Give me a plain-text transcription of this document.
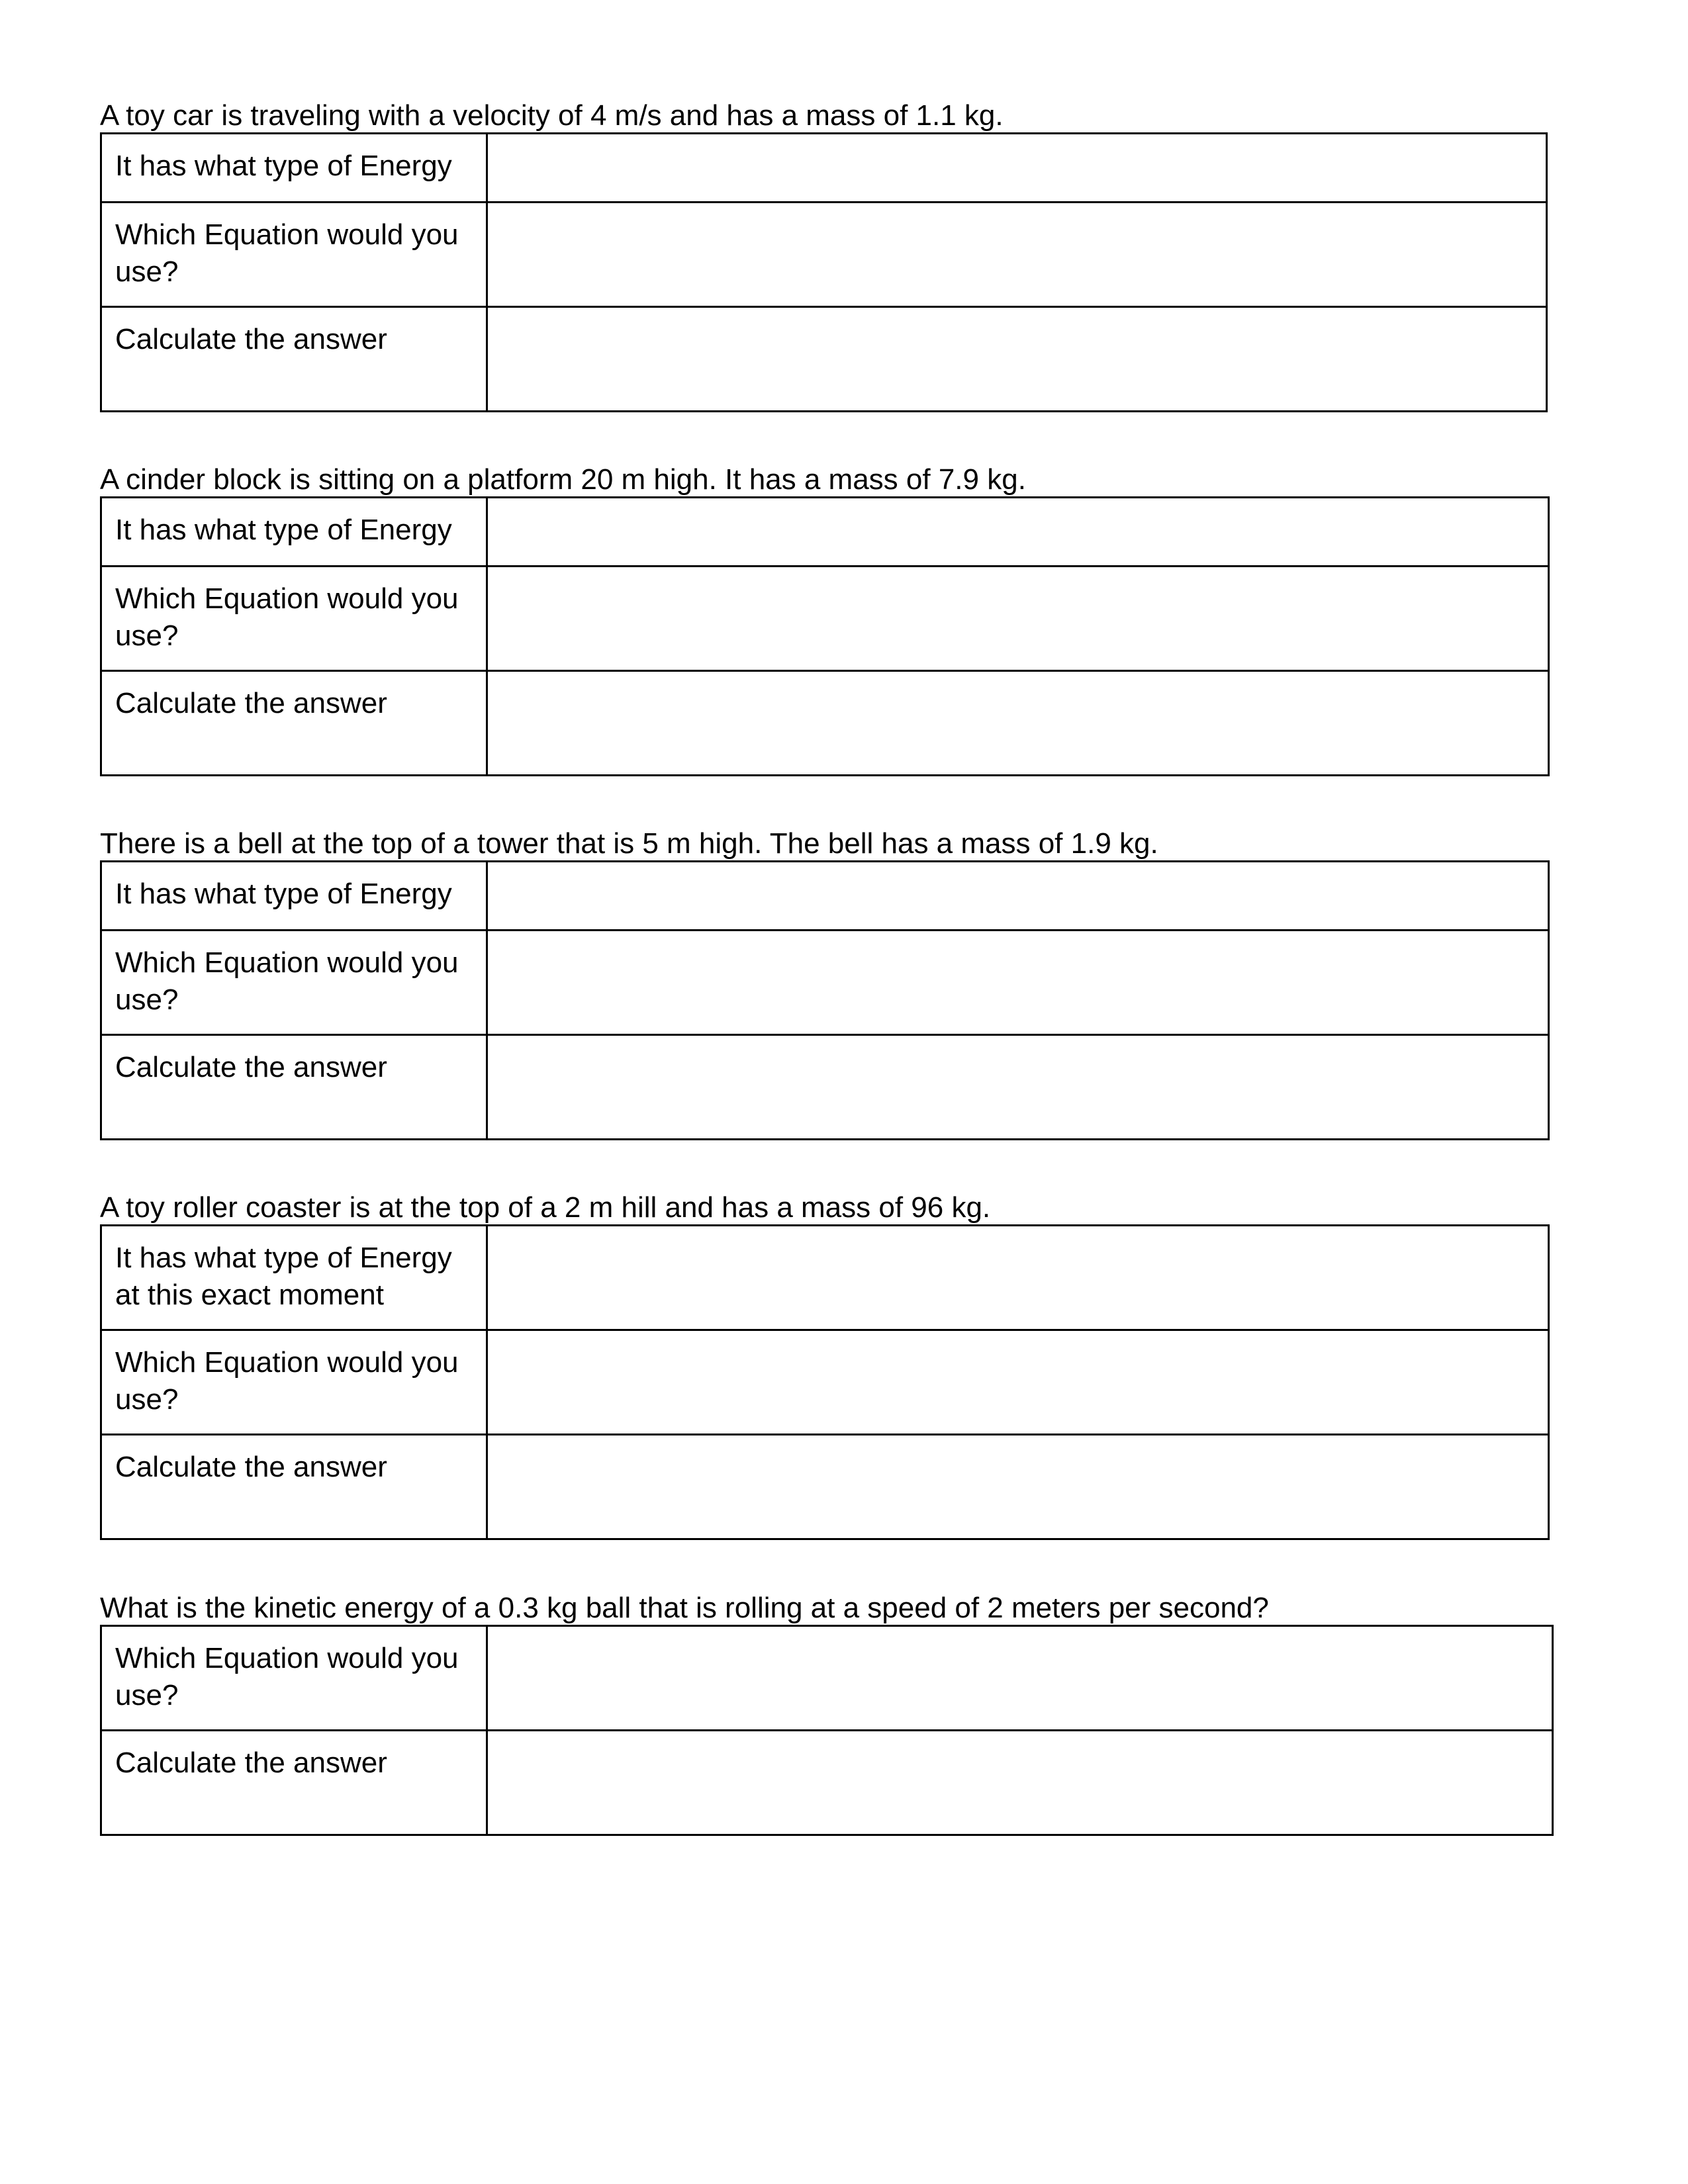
A toy car is traveling with a velocity of 4 m/s and has a mass of 1.1 kg.

It has what type of Energy	

Which Equation would you use?	

Calculate the answer	

A cinder block is sitting on a platform 20 m high. It has a mass of 7.9 kg.

It has what type of Energy	

Which Equation would you use?	

Calculate the answer	

There is a bell at the top of a tower that is 5 m high. The bell has a mass of 1.9 kg.

It has what type of Energy	

Which Equation would you use?	

Calculate the answer	

A toy roller coaster is at the top of a 2 m hill and has a mass of 96 kg.

It has what type of Energy at this exact moment	

Which Equation would you use?	

Calculate the answer	

What is the kinetic energy of a 0.3 kg ball that is rolling at a speed of 2 meters per second?

Which Equation would you use?	

Calculate the answer	
